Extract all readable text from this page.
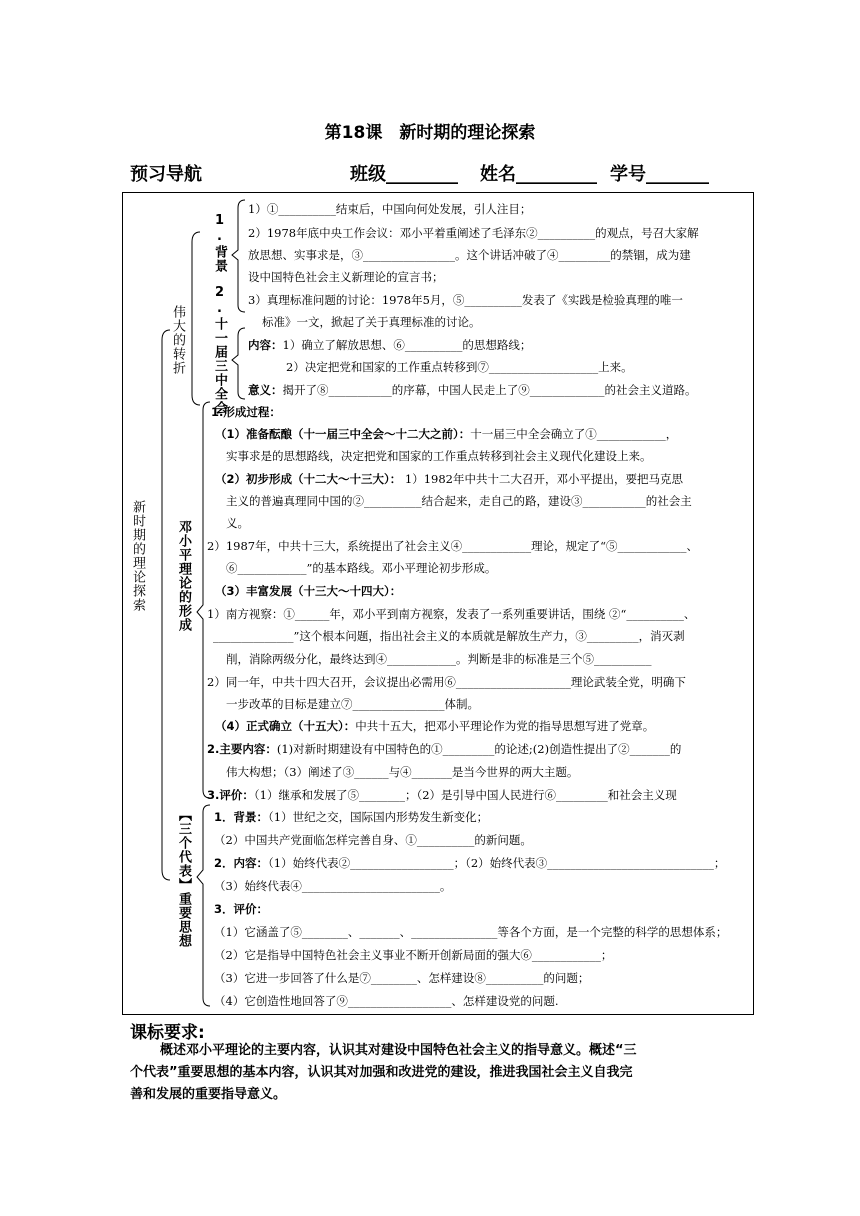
第18课　新时期的理论探索
预习导航	班级________ 姓名_________ 学号_______
新时期的理论探索
伟大的转折
1.背景
2.十一届三中全会
邓小平理论的形成
【三个代表】重要思想
课标要求:
概述邓小平理论的主要内容，认识其对建设中国特色社会主义的指导意义。概述“三
个代表”重要思想的基本内容，认识其对加强和改进党的建设，推进我国社会主义自我完
善和发展的重要指导意义。
1）①__________结束后，中国向何处发展，引人注目；
2）1978年底中央工作会议：邓小平着重阐述了毛泽东②__________的观点，号召大家解
放思想、实事求是，③________________。这个讲话冲破了④_________的禁锢，成为建
设中国特色社会主义新理论的宣言书；
3）真理标准问题的讨论：1978年5月，⑤__________发表了《实践是检验真理的唯一
标准》一文，掀起了关于真理标准的讨论。
内容：1）确立了解放思想、⑥__________的思想路线；
2）决定把党和国家的工作重点转移到⑦___________________上来。
意义：揭开了⑧___________的序幕，中国人民走上了⑨_____________的社会主义道路。
1.形成过程：
（1）准备酝酿（十一届三中全会～十二大之前）：十一届三中全会确立了①____________，
实事求是的思想路线，决定把党和国家的工作重点转移到社会主义现代化建设上来。
（2）初步形成（十二大～十三大）： 1）1982年中共十二大召开，邓小平提出，要把马克思
主义的普遍真理同中国的②__________结合起来，走自己的路，建设③___________的社会主
义。
2）1987年，中共十三大，系统提出了社会主义④____________理论，规定了“⑤____________、
⑥____________”的基本路线。邓小平理论初步形成。
（3）丰富发展（十三大～十四大）：
1）南方视察：①______年，邓小平到南方视察，发表了一系列重要讲话，围绕 ②“__________、
______________”这个根本问题，指出社会主义的本质就是解放生产力，③_________，消灭剥
削，消除两级分化，最终达到④____________。判断是非的标准是三个⑤__________
2）同一年，中共十四大召开，会议提出必需用⑥____________________理论武装全党，明确下
一步改革的目标是建立⑦________________体制。
（4）正式确立（十五大）：中共十五大，把邓小平理论作为党的指导思想写进了党章。
2.主要内容：(1)对新时期建设有中国特色的①_________的论述;(2)创造性提出了②_______的
伟大构想；（3）阐述了③______与④_______是当今世界的两大主题。
3.评价：（1）继承和发展了⑤________；（2）是引导中国人民进行⑥_________和社会主义现
1．背景：（1）世纪之交，国际国内形势发生新变化；
（2）中国共产党面临怎样完善自身、①__________的新问题。
2．内容：（1）始终代表②__________________；（2）始终代表③_____________________________；
（3）始终代表④________________________。
3．评价：
（1）它涵盖了⑤________、_______、_______________等各个方面，是一个完整的科学的思想体系；
（2）它是指导中国特色社会主义事业不断开创新局面的强大⑥____________；
（3）它进一步回答了什么是⑦________、怎样建设⑧__________的问题；
（4）它创造性地回答了⑨__________________、怎样建设党的问题.
